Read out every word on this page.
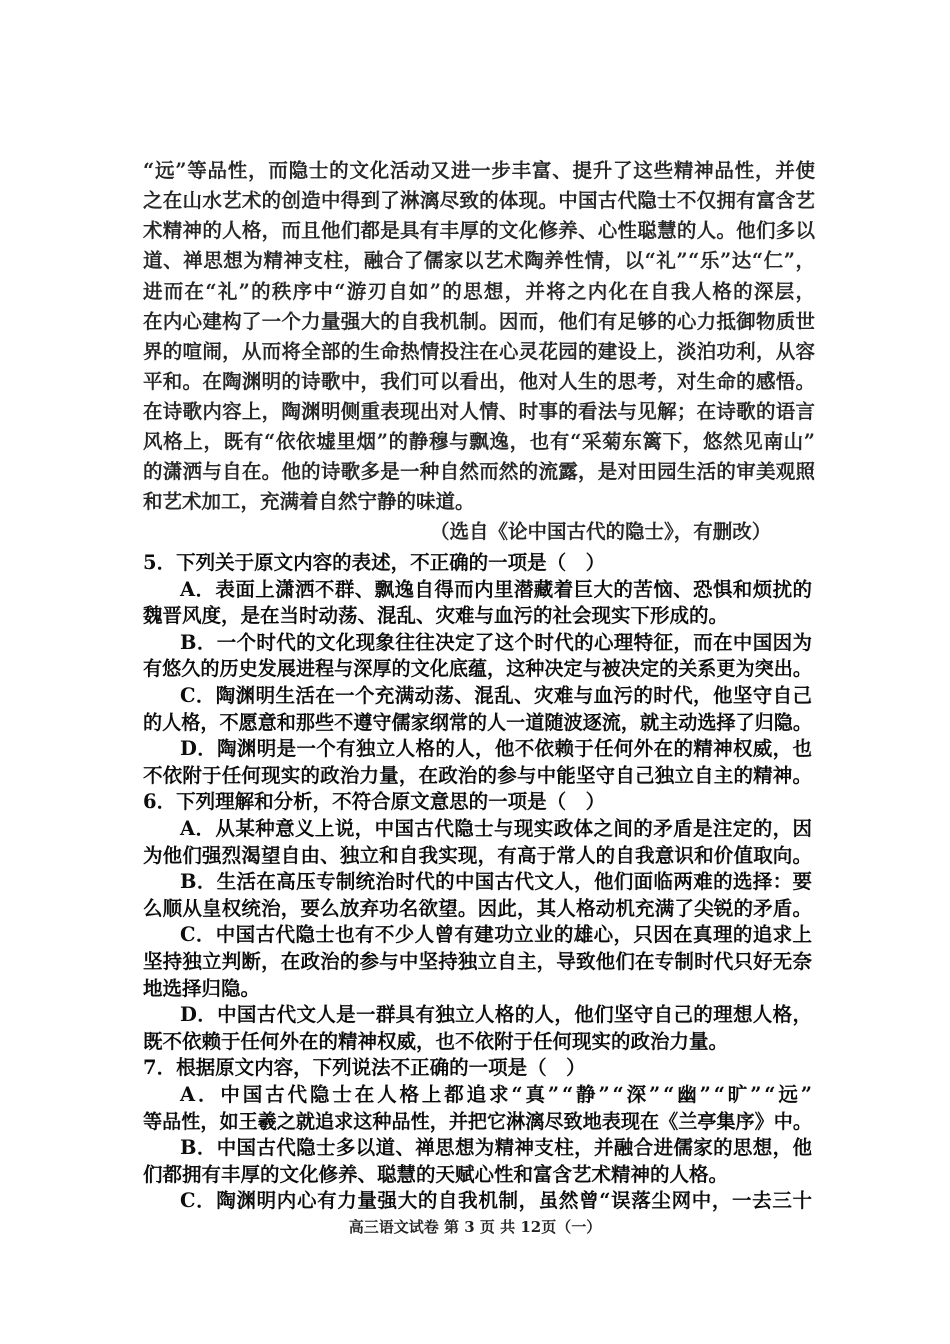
“远”等品性，而隐士的文化活动又进一步丰富、提升了这些精神品性，并使

之在山水艺术的创造中得到了淋漓尽致的体现。中国古代隐士不仅拥有富含艺

术精神的人格，而且他们都是具有丰厚的文化修养、心性聪慧的人。他们多以

道、禅思想为精神支柱，融合了儒家以艺术陶养性情，以“礼”“乐”达“仁”，

进而在“礼”的秩序中“游刃自如”的思想，并将之内化在自我人格的深层，

在内心建构了一个力量强大的自我机制。因而，他们有足够的心力抵御物质世

界的喧闹，从而将全部的生命热情投注在心灵花园的建设上，淡泊功利，从容

平和。在陶渊明的诗歌中，我们可以看出，他对人生的思考，对生命的感悟。

在诗歌内容上，陶渊明侧重表现出对人情、时事的看法与见解；在诗歌的语言

风格上，既有“依依墟里烟”的静穆与飘逸，也有“采菊东篱下，悠然见南山”

的潇洒与自在。他的诗歌多是一种自然而然的流露，是对田园生活的审美观照

和艺术加工，充满着自然宁静的味道。

（选自《论中国古代的隐士》，有删改）

5．下列关于原文内容的表述，不正确的一项是（　）

A．表面上潇洒不群、飘逸自得而内里潜藏着巨大的苦恼、恐惧和烦扰的

魏晋风度，是在当时动荡、混乱、灾难与血污的社会现实下形成的。

B．一个时代的文化现象往往决定了这个时代的心理特征，而在中国因为

有悠久的历史发展进程与深厚的文化底蕴，这种决定与被决定的关系更为突出。

C．陶渊明生活在一个充满动荡、混乱、灾难与血污的时代，他坚守自己

的人格，不愿意和那些不遵守儒家纲常的人一道随波逐流，就主动选择了归隐。

D．陶渊明是一个有独立人格的人，他不依赖于任何外在的精神权威，也

不依附于任何现实的政治力量，在政治的参与中能坚守自己独立自主的精神。

6．下列理解和分析，不符合原文意思的一项是（　）

A．从某种意义上说，中国古代隐士与现实政体之间的矛盾是注定的，因

为他们强烈渴望自由、独立和自我实现，有高于常人的自我意识和价值取向。

B．生活在高压专制统治时代的中国古代文人，他们面临两难的选择：要

么顺从皇权统治，要么放弃功名欲望。因此，其人格动机充满了尖锐的矛盾。

C．中国古代隐士也有不少人曾有建功立业的雄心，只因在真理的追求上

坚持独立判断，在政治的参与中坚持独立自主，导致他们在专制时代只好无奈

地选择归隐。

D．中国古代文人是一群具有独立人格的人，他们坚守自己的理想人格，

既不依赖于任何外在的精神权威，也不依附于任何现实的政治力量。

7．根据原文内容，下列说法不正确的一项是（　）

A．中国古代隐士在人格上都追求“真”“静”“深”“幽”“旷”“远”

等品性，如王羲之就追求这种品性，并把它淋漓尽致地表现在《兰亭集序》中。

B．中国古代隐士多以道、禅思想为精神支柱，并融合进儒家的思想，他

们都拥有丰厚的文化修养、聪慧的天赋心性和富含艺术精神的人格。

C．陶渊明内心有力量强大的自我机制，虽然曾“误落尘网中，一去三十

高三语文试卷 第 3 页 共 12页（一）
